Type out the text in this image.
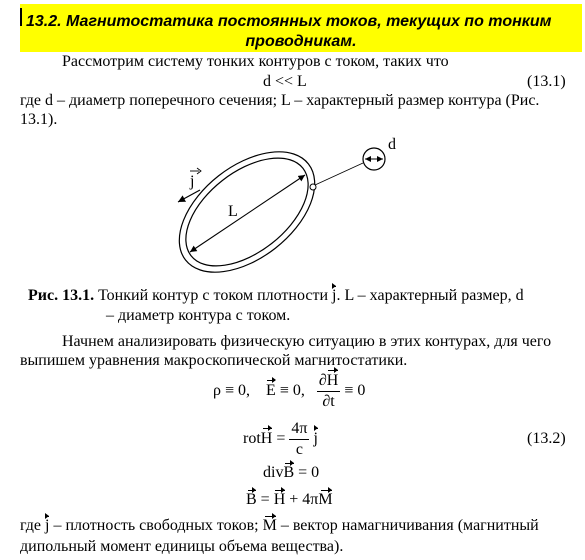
13.2. Магнитостатика постоянных токов, текущих по тонким
проводникам.
Рассмотрим систему тонких контуров с током, таких что
d << L	(13.1)
где d – диаметр поперечного сечения; L – характерный размер контура (Рис.
13.1).
j
L
d
Рис. 13.1. Тонкий контур с током плотности j. L – характерный размер, d
– диаметр контура с током.
Начнем анализировать физическую ситуацию в этих контурах, для чего
выпишем уравнения макроскопической магнитостатики.
ρ ≡ 0, E ≡ 0, $\frac{\partial H}{\partial t} \equiv 0$
rotH = $\frac{4\pi}{c}$ j	(13.2)
divB = 0
B = H + 4πM
где j – плотность свободных токов; M – вектор намагничивания (магнитный
дипольный момент единицы объема вещества).
